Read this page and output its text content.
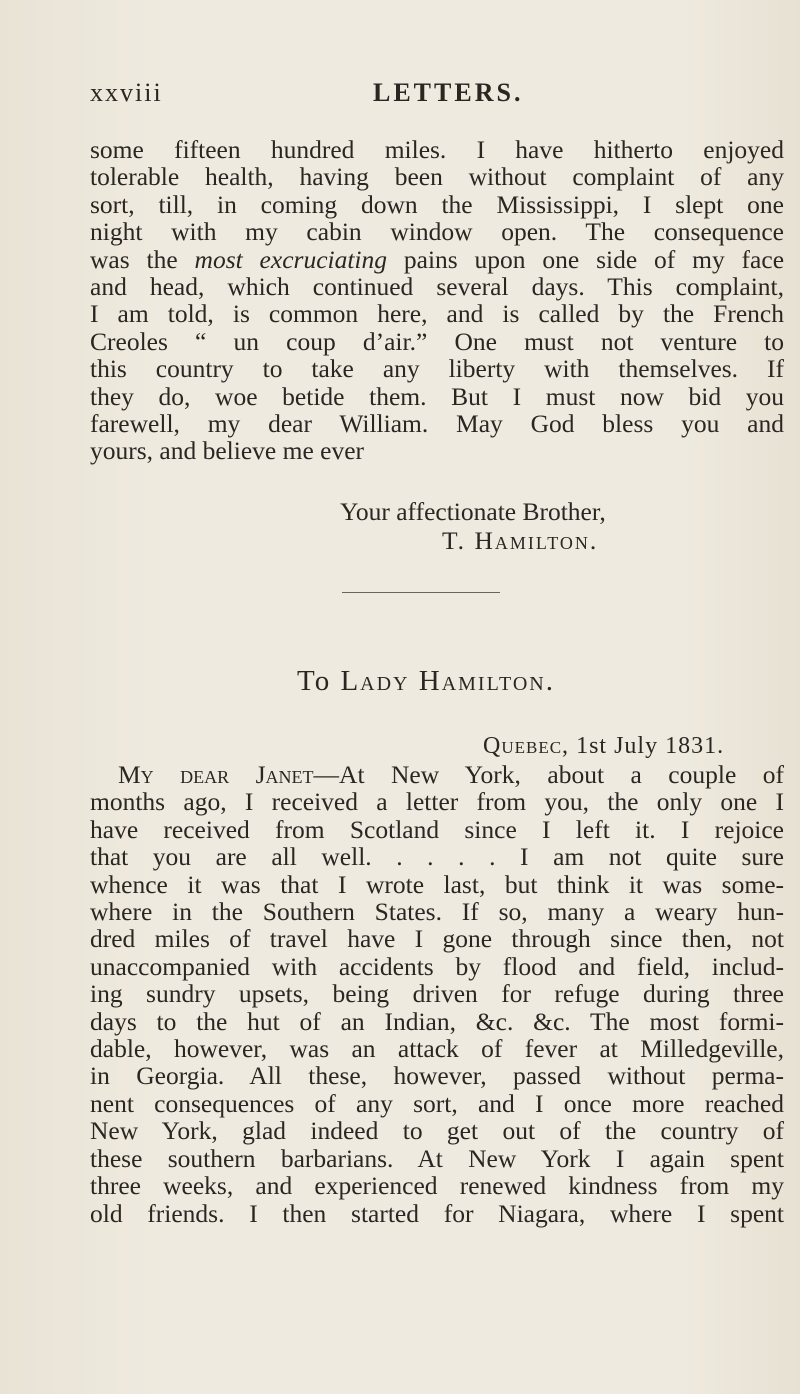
xxviii	LETTERS.
some fifteen hundred miles. I have hitherto enjoyed
tolerable health, having been without complaint of any
sort, till, in coming down the Mississippi, I slept one
night with my cabin window open. The consequence
was the most excruciating pains upon one side of my face
and head, which continued several days. This complaint,
I am told, is common here, and is called by the French
Creoles “ un coup d’air.” One must not venture to
this country to take any liberty with themselves. If
they do, woe betide them. But I must now bid you
farewell, my dear William. May God bless you and
yours, and believe me ever
Your affectionate Brother,
T. Hamilton.
To Lady Hamilton.
Quebec, 1st July 1831.
My dear Janet—At New York, about a couple of
months ago, I received a letter from you, the only one I
have received from Scotland since I left it. I rejoice
that you are all well. . . . . I am not quite sure
whence it was that I wrote last, but think it was some-
where in the Southern States. If so, many a weary hun-
dred miles of travel have I gone through since then, not
unaccompanied with accidents by flood and field, includ-
ing sundry upsets, being driven for refuge during three
days to the hut of an Indian, &c. &c. The most formi-
dable, however, was an attack of fever at Milledgeville,
in Georgia. All these, however, passed without perma-
nent consequences of any sort, and I once more reached
New York, glad indeed to get out of the country of
these southern barbarians. At New York I again spent
three weeks, and experienced renewed kindness from my
old friends. I then started for Niagara, where I spent
